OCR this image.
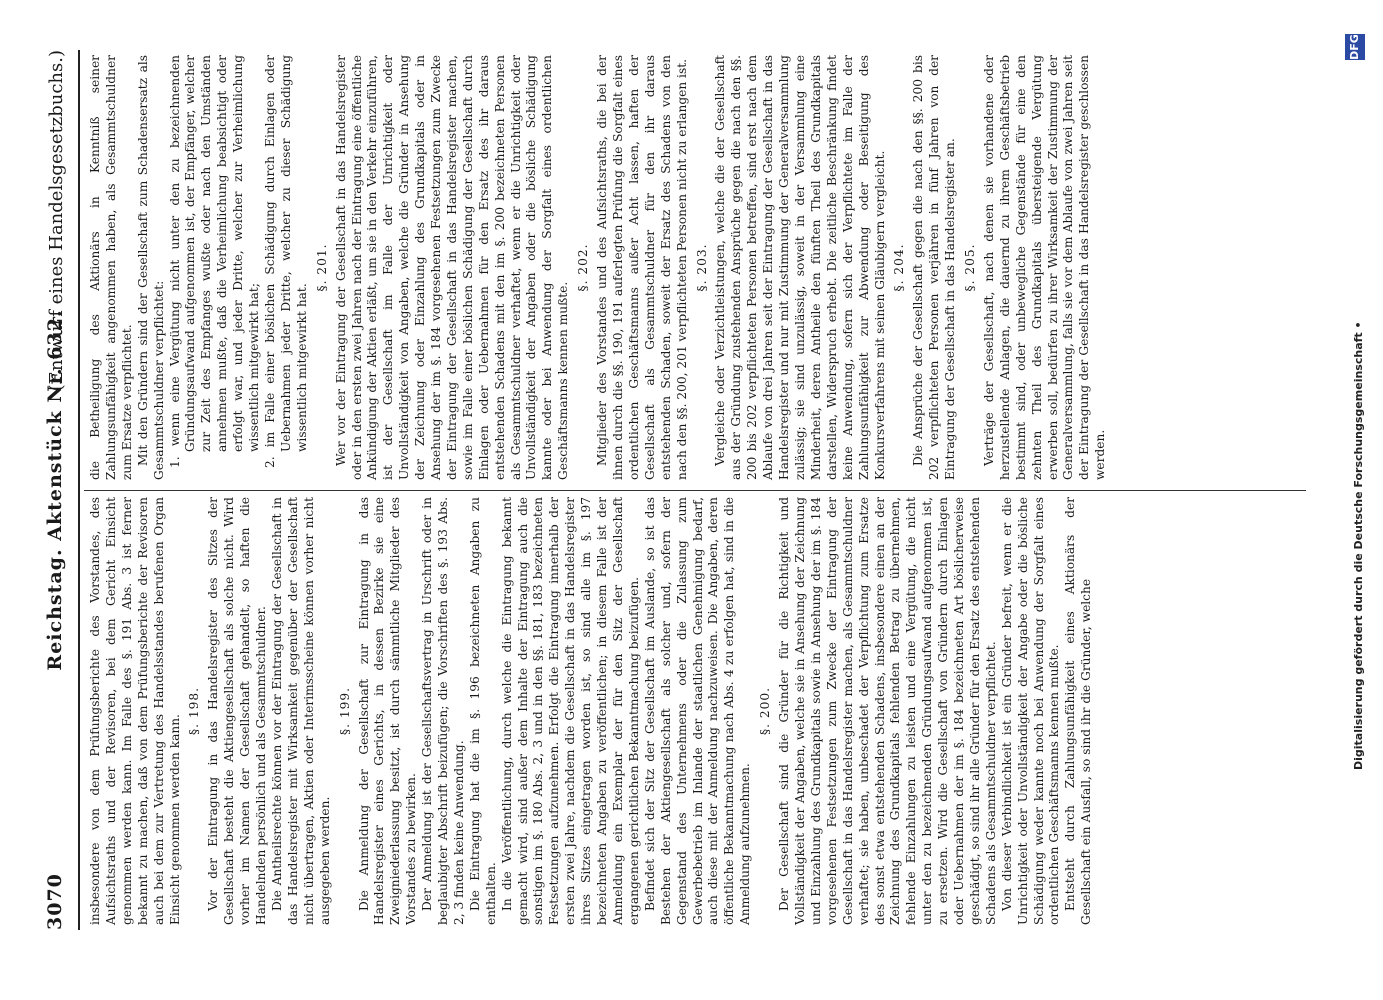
3070
Reichstag. Aktenstück Nr. 632.
(Entwurf eines Handelsgesetzbuchs.)

insbesondere von dem Prüfungsberichte des Vorstandes, des Aufsichtsraths und der Revisoren, bei dem Gericht Einsicht genommen werden kann. Im Falle des §. 191 Abs. 3 ist ferner bekannt zu machen, daß von dem Prüfungsberichte der Revisoren auch bei dem zur Vertretung des Handelsstandes berufenen Organ Einsicht genommen werden kann.

§. 198. Vor der Eintragung in das Handelsregister des Sitzes der Gesellschaft besteht die Aktiengesellschaft als solche nicht. Wird vorher im Namen der Gesellschaft gehandelt, so haften die Handelnden persönlich und als Gesammtschuldner. Die Antheilsrechte können vor der Eintragung der Gesellschaft in das Handelsregister mit Wirksamkeit gegenüber der Gesellschaft nicht übertragen, Aktien oder Interimsscheine können vorher nicht ausgegeben werden.

§. 199. Die Anmeldung der Gesellschaft zur Eintragung in das Handelsregister eines Gerichts, in dessen Bezirke sie eine Zweigniederlassung besitzt, ist durch sämmtliche Mitglieder des Vorstandes zu bewirken. Der Anmeldung ist der Gesellschaftsvertrag in Urschrift oder in beglaubigter Abschrift beizufügen; die Vorschriften des §. 193 Abs. 2, 3 finden keine Anwendung. Die Eintragung hat die im §. 196 bezeichneten Angaben zu enthalten. In die Veröffentlichung, durch welche die Eintragung bekannt gemacht wird, sind außer dem Inhalte der Eintragung auch die sonstigen im §. 180 Abs. 2, 3 und in den §§. 181, 183 bezeichneten Festsetzungen aufzunehmen. Erfolgt die Eintragung innerhalb der ersten zwei Jahre, nachdem die Gesellschaft in das Handelsregister ihres Sitzes eingetragen worden ist, so sind alle im §. 197 bezeichneten Angaben zu veröffentlichen; in diesem Falle ist der Anmeldung ein Exemplar der für den Sitz der Gesellschaft ergangenen gerichtlichen Bekanntmachung beizufügen. Befindet sich der Sitz der Gesellschaft im Auslande, so ist das Bestehen der Aktiengesellschaft als solcher und, sofern der Gegenstand des Unternehmens oder die Zulassung zum Gewerbebetrieb im Inlande der staatlichen Genehmigung bedarf, auch diese mit der Anmeldung nachzuweisen. Die Angaben, deren öffentliche Bekanntmachung nach Abs. 4 zu erfolgen hat, sind in die Anmeldung aufzunehmen.

§. 200. Der Gesellschaft sind die Gründer für die Richtigkeit und Vollständigkeit der Angaben, welche sie in Ansehung der Zeichnung und Einzahlung des Grundkapitals sowie in Ansehung der im §. 184 vorgesehenen Festsetzungen zum Zwecke der Eintragung der Gesellschaft in das Handelsregister machen, als Gesammtschuldner verhaftet; sie haben, unbeschadet der Verpflichtung zum Ersatze des sonst etwa entstehenden Schadens, insbesondere einen an der Zeichnung des Grundkapitals fehlenden Betrag zu übernehmen, fehlende Einzahlungen zu leisten und eine Vergütung, die nicht unter den zu bezeichnenden Gründungsaufwand aufgenommen ist, zu ersetzen. Wird die Gesellschaft von Gründern durch Einlagen oder Uebernahmen der im §. 184 bezeichneten Art böslicherweise geschädigt, so sind ihr alle Gründer für den Ersatz des entstehenden Schadens als Gesammtschuldner verpflichtet. Von dieser Verbindlichkeit ist ein Gründer befreit, wenn er die Unrichtigkeit oder Unvollständigkeit der Angabe oder die bösliche Schädigung weder kannte noch bei Anwendung der Sorgfalt eines ordentlichen Geschäftsmanns kennen mußte. Entsteht durch Zahlungsunfähigkeit eines Aktionärs der Gesellschaft ein Ausfall, so sind ihr die Gründer, welche

die Betheiligung des Aktionärs in Kenntniß seiner Zahlungsunfähigkeit angenommen haben, als Gesammtschuldner zum Ersatze verpflichtet. Mit den Gründern sind der Gesellschaft zum Schadensersatz als Gesammtschuldner verpflichtet: 1. wenn eine Vergütung nicht unter den zu bezeichnenden Gründungsaufwand aufgenommen ist, der Empfänger, welcher zur Zeit des Empfanges wußte oder nach den Umständen annehmen mußte, daß die Verheimlichung beabsichtigt oder erfolgt war, und jeder Dritte, welcher zur Verheimlichung wissentlich mitgewirkt hat; 2. im Falle einer böslichen Schädigung durch Einlagen oder Uebernahmen jeder Dritte, welcher zu dieser Schädigung wissentlich mitgewirkt hat.

§. 201. Wer vor der Eintragung der Gesellschaft in das Handelsregister oder in den ersten zwei Jahren nach der Eintragung eine öffentliche Ankündigung der Aktien erläßt, um sie in den Verkehr einzuführen, ist der Gesellschaft im Falle der Unrichtigkeit oder Unvollständigkeit von Angaben, welche die Gründer in Ansehung der Zeichnung oder Einzahlung des Grundkapitals oder in Ansehung der im §. 184 vorgesehenen Festsetzungen zum Zwecke der Eintragung der Gesellschaft in das Handelsregister machen, sowie im Falle einer böslichen Schädigung der Gesellschaft durch Einlagen oder Uebernahmen für den Ersatz des ihr daraus entstehenden Schadens mit den im §. 200 bezeichneten Personen als Gesammtschuldner verhaftet, wenn er die Unrichtigkeit oder Unvollständigkeit der Angaben oder die bösliche Schädigung kannte oder bei Anwendung der Sorgfalt eines ordentlichen Geschäftsmanns kennen mußte.

§. 202. Mitglieder des Vorstandes und des Aufsichtsraths, die bei der ihnen durch die §§. 190, 191 auferlegten Prüfung die Sorgfalt eines ordentlichen Geschäftsmanns außer Acht lassen, haften der Gesellschaft als Gesammtschuldner für den ihr daraus entstehenden Schaden, soweit der Ersatz des Schadens von den nach den §§. 200, 201 verpflichteten Personen nicht zu erlangen ist. §. 203. Vergleiche oder Verzichtleistungen, welche die der Gesellschaft aus der Gründung zustehenden Ansprüche gegen die nach den §§. 200 bis 202 verpflichteten Personen betreffen, sind erst nach dem Ablaufe von drei Jahren seit der Eintragung der Gesellschaft in das Handelsregister und nur mit Zustimmung der Generalversammlung zulässig; sie sind unzulässig, soweit in der Versammlung eine Minderheit, deren Antheile den fünften Theil des Grundkapitals darstellen, Widerspruch erhebt. Die zeitliche Beschränkung findet keine Anwendung, sofern sich der Verpflichtete im Falle der Zahlungsunfähigkeit zur Abwendung oder Beseitigung des Konkursverfahrens mit seinen Gläubigern vergleicht. §. 204. Die Ansprüche der Gesellschaft gegen die nach den §§. 200 bis 202 verpflichteten Personen verjähren in fünf Jahren von der Eintragung der Gesellschaft in das Handelsregister an. §. 205. Verträge der Gesellschaft, nach denen sie vorhandene oder herzustellende Anlagen, die dauernd zu ihrem Geschäftsbetrieb bestimmt sind, oder unbewegliche Gegenstände für eine den zehnten Theil des Grundkapitals übersteigende Vergütung erwerben soll, bedürfen zu ihrer Wirksamkeit der Zustimmung der Generalversammlung, falls sie vor dem Ablaufe von zwei Jahren seit der Eintragung der Gesellschaft in das Handelsregister geschlossen werden.	Digitalisierung gefördert durch die Deutsche Forschungsgemeinschaft •
DFG
